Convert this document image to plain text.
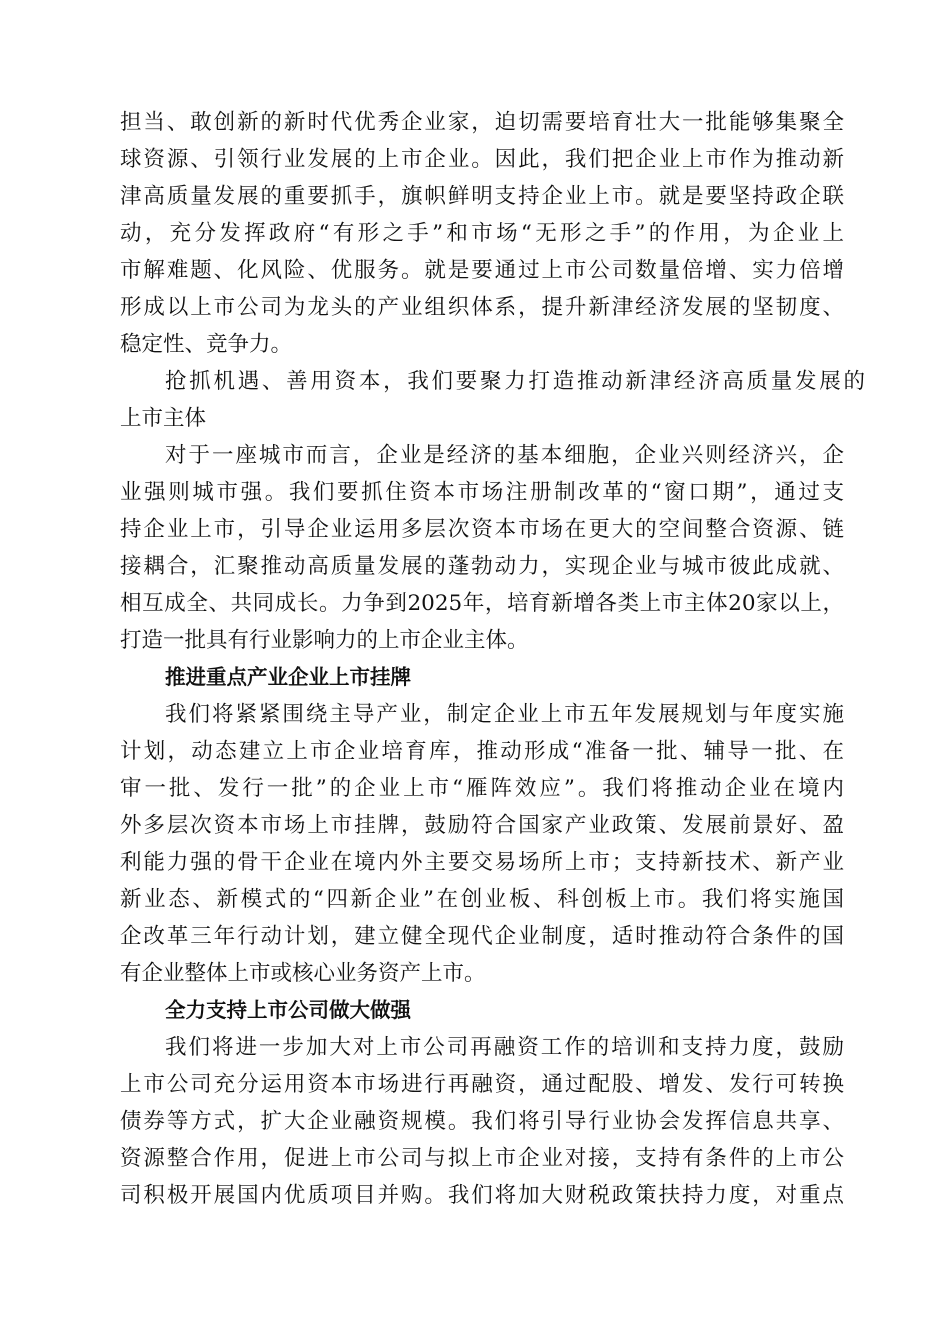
担当、敢创新的新时代优秀企业家，迫切需要培育壮大一批能够集聚全
球资源、引领行业发展的上市企业。因此，我们把企业上市作为推动新
津高质量发展的重要抓手，旗帜鲜明支持企业上市。就是要坚持政企联
动，充分发挥政府“有形之手”和市场“无形之手”的作用，为企业上
市解难题、化风险、优服务。就是要通过上市公司数量倍增、实力倍增
形成以上市公司为龙头的产业组织体系，提升新津经济发展的坚韧度、
稳定性、竞争力。
抢抓机遇、善用资本，我们要聚力打造推动新津经济高质量发展的
上市主体
对于一座城市而言，企业是经济的基本细胞，企业兴则经济兴，企
业强则城市强。我们要抓住资本市场注册制改革的“窗口期”，通过支
持企业上市，引导企业运用多层次资本市场在更大的空间整合资源、链
接耦合，汇聚推动高质量发展的蓬勃动力，实现企业与城市彼此成就、
相互成全、共同成长。力争到2025年，培育新增各类上市主体20家以上，
打造一批具有行业影响力的上市企业主体。
推进重点产业企业上市挂牌
我们将紧紧围绕主导产业，制定企业上市五年发展规划与年度实施
计划，动态建立上市企业培育库，推动形成“准备一批、辅导一批、在
审一批、发行一批”的企业上市“雁阵效应”。我们将推动企业在境内
外多层次资本市场上市挂牌，鼓励符合国家产业政策、发展前景好、盈
利能力强的骨干企业在境内外主要交易场所上市；支持新技术、新产业
新业态、新模式的“四新企业”在创业板、科创板上市。我们将实施国
企改革三年行动计划，建立健全现代企业制度，适时推动符合条件的国
有企业整体上市或核心业务资产上市。
全力支持上市公司做大做强
我们将进一步加大对上市公司再融资工作的培训和支持力度，鼓励
上市公司充分运用资本市场进行再融资，通过配股、增发、发行可转换
债券等方式，扩大企业融资规模。我们将引导行业协会发挥信息共享、
资源整合作用，促进上市公司与拟上市企业对接，支持有条件的上市公
司积极开展国内优质项目并购。我们将加大财税政策扶持力度，对重点
